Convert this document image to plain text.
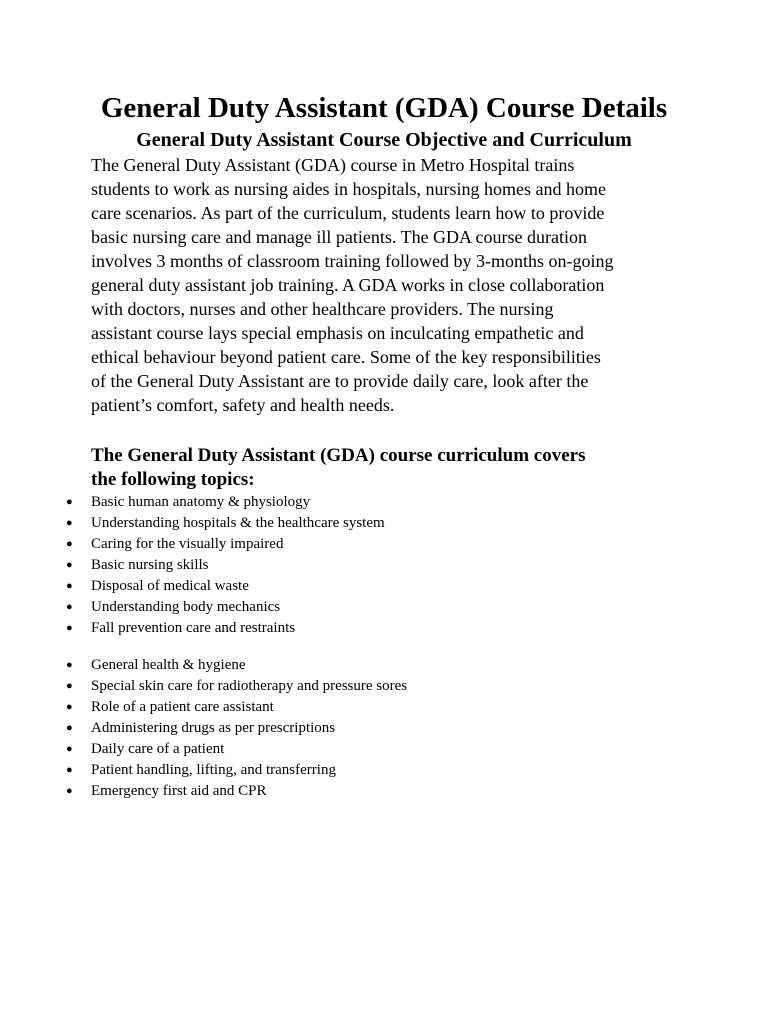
General Duty Assistant (GDA) Course Details
General Duty Assistant Course Objective and Curriculum

The General Duty Assistant (GDA) course in Metro Hospital trains
students to work as nursing aides in hospitals, nursing homes and home
care scenarios. As part of the curriculum, students learn how to provide
basic nursing care and manage ill patients. The GDA course duration
involves 3 months of classroom training followed by 3-months on-going
general duty assistant job training. A GDA works in close collaboration
with doctors, nurses and other healthcare providers. The nursing
assistant course lays special emphasis on inculcating empathetic and
ethical behaviour beyond patient care. Some of the key responsibilities
of the General Duty Assistant are to provide daily care, look after the
patient’s comfort, safety and health needs.

The General Duty Assistant (GDA) course curriculum covers
the following topics:
● Basic human anatomy & physiology
● Understanding hospitals & the healthcare system
● Caring for the visually impaired
● Basic nursing skills
● Disposal of medical waste
● Understanding body mechanics
● Fall prevention care and restraints
● General health & hygiene
● Special skin care for radiotherapy and pressure sores
● Role of a patient care assistant
● Administering drugs as per prescriptions
● Daily care of a patient
● Patient handling, lifting, and transferring
● Emergency first aid and CPR
